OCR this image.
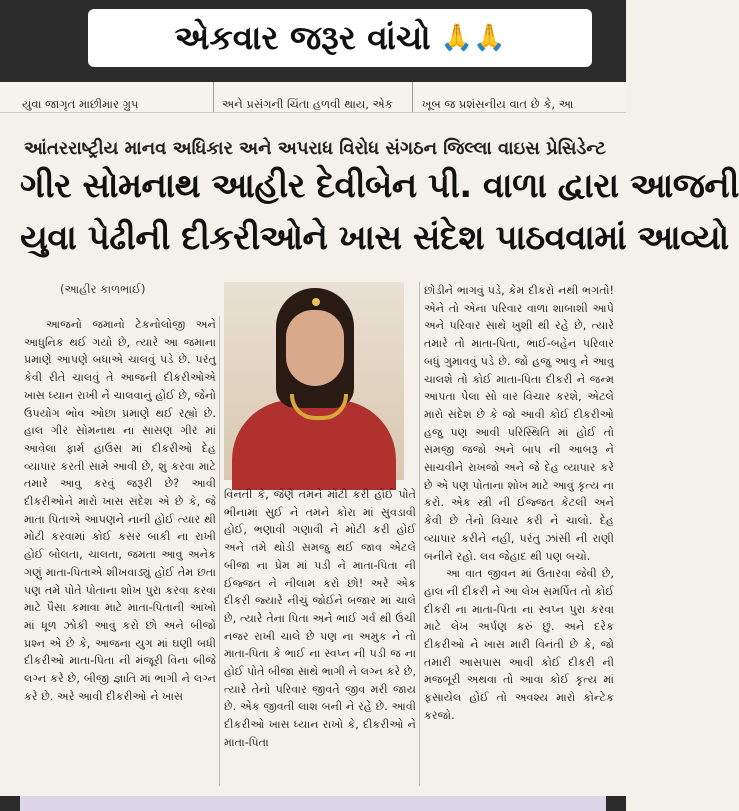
એકવાર જરૂર વાંચો 🙏🙏
યુવા જાગૃત માછીમાર ગ્રુપ	અને પ્રસંગની ચિંતા હળવી થાય, એક	ખૂબ જ પ્રશંસનીય વાત છે કે, આ
આંતરરાષ્ટ્રીય માનવ અધિકાર અને અપરાધ વિરોધ સંગઠન જિલ્લા વાઇસ પ્રેસિડેન્ટ
ગીર સોમનાથ આહીર દેવીબેન પી. વાળા દ્વારા આજની
યુવા પેઢીની દીકરીઓને ખાસ સંદેશ પાઠવવામાં આવ્યો
(આહીર કાળભાઈ)

આજનો જમાનો ટેકનોલોજી અને આધુનિક થઈ ગયો છે, ત્યારે આ જમાના પ્રમાણે આપણે બધાએ ચાલવું પડે છે. પરંતુ કેવી રીતે ચાલવું તે આજની દીકરીઓએ ખાસ ધ્યાન રાખી ને ચાલવાનું હોઈ છે, જેનો ઉપયોગ ભોવ ઓછા પ્રમાણે થઈ રહ્યો છે. હાલ ગીર સોમનાથ ના સાસણ ગીર માં આવેલા ફાર્મ હાઉસ માં દીકરીઓ દેહ વ્યાપાર કરતી સામે આવી છે, શું કરવા માટે તમારે આવુ કરવું જરૂરી છે? આવી દીકરીઓને મારો ખાસ સંદેશ એ છે કે, જે માતા પિતાએ આપણને નાની હોઈ ત્યાર થી મોટી કરવામાં કોઈ કસર બાકી ના રાખી હોઈ બોલતા, ચાલતા, જમતા આવુ અનેક ગણું માતા-પિતાએ શીખવાડ્યું હોઈ તેમ છતા પણ તમે પોતે પોતાના શોખ પુરા કરવા કરવા માટે પૈસા કમાવા માટે માતા-પિતાની આંખો માં ધૂળ ઝોકી આવું કરો છો અને બીજો પ્રશ્ન એ છે કે, આજના યુગ માં ઘણી બધી દીકરીઓ માતા-પિતા ની મંજૂરી વિના બીજે લગ્ન કરે છે, બીજી જ્ઞાતિ માં ભાગી ને લગ્ન કરે છે. અરે આવી દીકરીઓ ને ખાસ

વિનંતી કે, જેણે તમને મોટી કરી હોઈ પોતે ભીનામાં સુઈ ને તમને કોરા માં સુવડાવી હોઈ, ભણાવી ગણાવી ને મોટી કરી હોઈ અને તમે થોડી સમજુ થઈ જાવ એટલે બીજા ના પ્રેમ માં પડી ને માતા-પિતા ની ઈજ્જત ને નીલામ કરો છો! અરે એક દીકરી જ્યારે નીચું જોઈને બજાર માં ચાલે છે, ત્યારે તેના પિતા અને ભાઈ ગર્વ થી ઉંચી નજર રાખી ચાલે છે પણ ના અમુક ને તો માતા-પિતા કે ભાઈ ના સ્વપ્ન ની પડી જ ના હોઈ પોતે બીજા સાથે ભાગી ને લગ્ન કરે છે, ત્યારે તેનો પરિવાર જીવતે જીવ મરી જાય છે. એક જીવતી લાશ બની ને રહે છે. આવી દીકરીઓ ખાસ ધ્યાન રાખો કે, દીકરીઓ ને માતા-પિતા

છોડીને ભાગવું પડે, કેમ દીકરો નથી ભગતો! એને તો એના પરિવાર વાળા શાબાશી આપે અને પરિવાર સાથે ખુશી થી રહે છે, ત્યારે તમારે તો માતા-પિતા, ભાઈ-બહેન પરિવાર બધું ગુમાવવું પડે છે. જો હજુ આવુ ને આવુ ચાલશે તો કોઈ માતા-પિતા દીકરી ને જન્મ આપતા પેલા સો વાર વિચાર કરશે, એટલે મારો સંદેશ છે કે જો આવી કોઈ દીકરીઓ હજુ પણ આવી પરિસ્થિતિ માં હોઈ તો સમજી જજો અને બાપ ની આબરૂ ને સાચવીને રાખજો અને જે દેહ વ્યાપાર કરે છે એ પણ પોતાના શોખ માટે આવું કૃત્ય ના કરો. એક સ્ત્રી ની ઈજ્જત કેટલી અને કેવી છે તેનો વિચાર કરી ને ચાલો. દેહ વ્યાપાર કરીને નહીં, પરંતુ ઝાંસી ની રાણી બનીને રહો. લવ જેહાદ થી પણ બચો.

આ વાત જીવન માં ઉતારવા જેવી છે, હાલ ની દીકરી ને આ લેખ સમર્પિત તો કોઈ દીકરી ના માતા-પિતા ના સ્વપ્ન પુરા કરવા માટે લેખ અર્પણ કરું છું. અને દરેક દીકરીઓ ને ખાસ મારી વિનંતી છે કે, જો તમારી આસપાસ આવી કોઈ દીકરી ની મજબૂરી અથવા તો આવા કોઈ કૃત્ય માં ફસાયેલ હોઈ તો અવશ્ય મારો કોન્ટેક કરજો.
